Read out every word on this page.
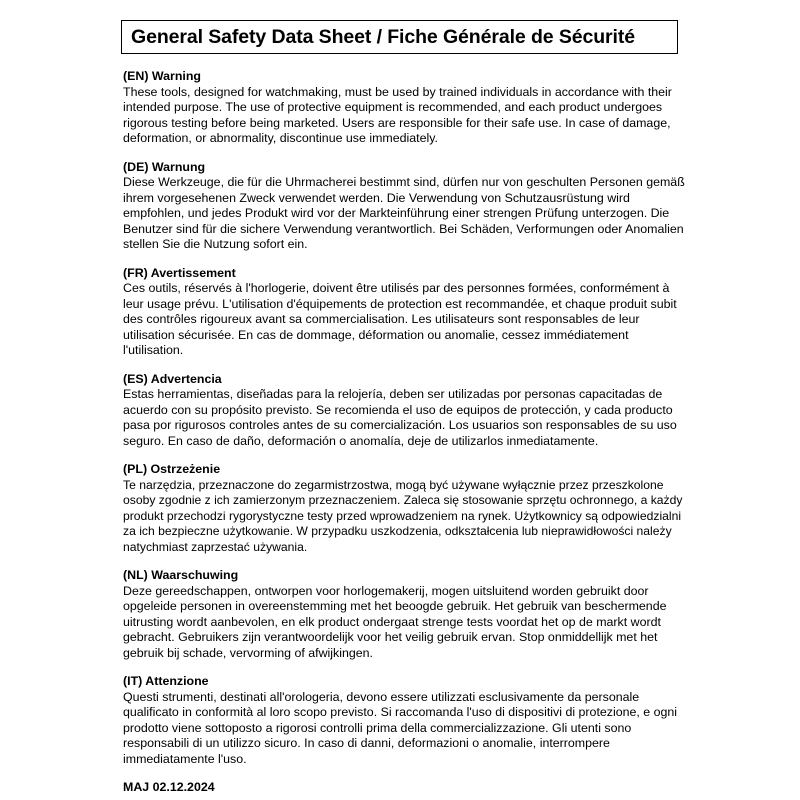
General Safety Data Sheet / Fiche Générale de Sécurité
(EN) Warning

These tools, designed for watchmaking, must be used by trained individuals in accordance with their intended purpose. The use of protective equipment is recommended, and each product undergoes rigorous testing before being marketed. Users are responsible for their safe use. In case of damage, deformation, or abnormality, discontinue use immediately.

(DE) Warnung

Diese Werkzeuge, die für die Uhrmacherei bestimmt sind, dürfen nur von geschulten Personen gemäß ihrem vorgesehenen Zweck verwendet werden. Die Verwendung von Schutzausrüstung wird empfohlen, und jedes Produkt wird vor der Markteinführung einer strengen Prüfung unterzogen. Die Benutzer sind für die sichere Verwendung verantwortlich. Bei Schäden, Verformungen oder Anomalien stellen Sie die Nutzung sofort ein.

(FR) Avertissement

Ces outils, réservés à l'horlogerie, doivent être utilisés par des personnes formées, conformément à leur usage prévu. L'utilisation d'équipements de protection est recommandée, et chaque produit subit des contrôles rigoureux avant sa commercialisation. Les utilisateurs sont responsables de leur utilisation sécurisée. En cas de dommage, déformation ou anomalie, cessez immédiatement l'utilisation.

(ES) Advertencia

Estas herramientas, diseñadas para la relojería, deben ser utilizadas por personas capacitadas de acuerdo con su propósito previsto. Se recomienda el uso de equipos de protección, y cada producto pasa por rigurosos controles antes de su comercialización. Los usuarios son responsables de su uso seguro. En caso de daño, deformación o anomalía, deje de utilizarlos inmediatamente.

(PL) Ostrzeżenie

Te narzędzia, przeznaczone do zegarmistrzostwa, mogą być używane wyłącznie przez przeszkolone osoby zgodnie z ich zamierzonym przeznaczeniem. Zaleca się stosowanie sprzętu ochronnego, a każdy produkt przechodzi rygorystyczne testy przed wprowadzeniem na rynek. Użytkownicy są odpowiedzialni za ich bezpieczne użytkowanie. W przypadku uszkodzenia, odkształcenia lub nieprawidłowości należy natychmiast zaprzestać używania.

(NL) Waarschuwing

Deze gereedschappen, ontworpen voor horlogemakerij, mogen uitsluitend worden gebruikt door opgeleide personen in overeenstemming met het beoogde gebruik. Het gebruik van beschermende uitrusting wordt aanbevolen, en elk product ondergaat strenge tests voordat het op de markt wordt gebracht. Gebruikers zijn verantwoordelijk voor het veilig gebruik ervan. Stop onmiddellijk met het gebruik bij schade, vervorming of afwijkingen.

(IT) Attenzione

Questi strumenti, destinati all'orologeria, devono essere utilizzati esclusivamente da personale qualificato in conformità al loro scopo previsto. Si raccomanda l'uso di dispositivi di protezione, e ogni prodotto viene sottoposto a rigorosi controlli prima della commercializzazione. Gli utenti sono responsabili di un utilizzo sicuro. In caso di danni, deformazioni o anomalie, interrompere immediatamente l'uso.

MAJ 02.12.2024
